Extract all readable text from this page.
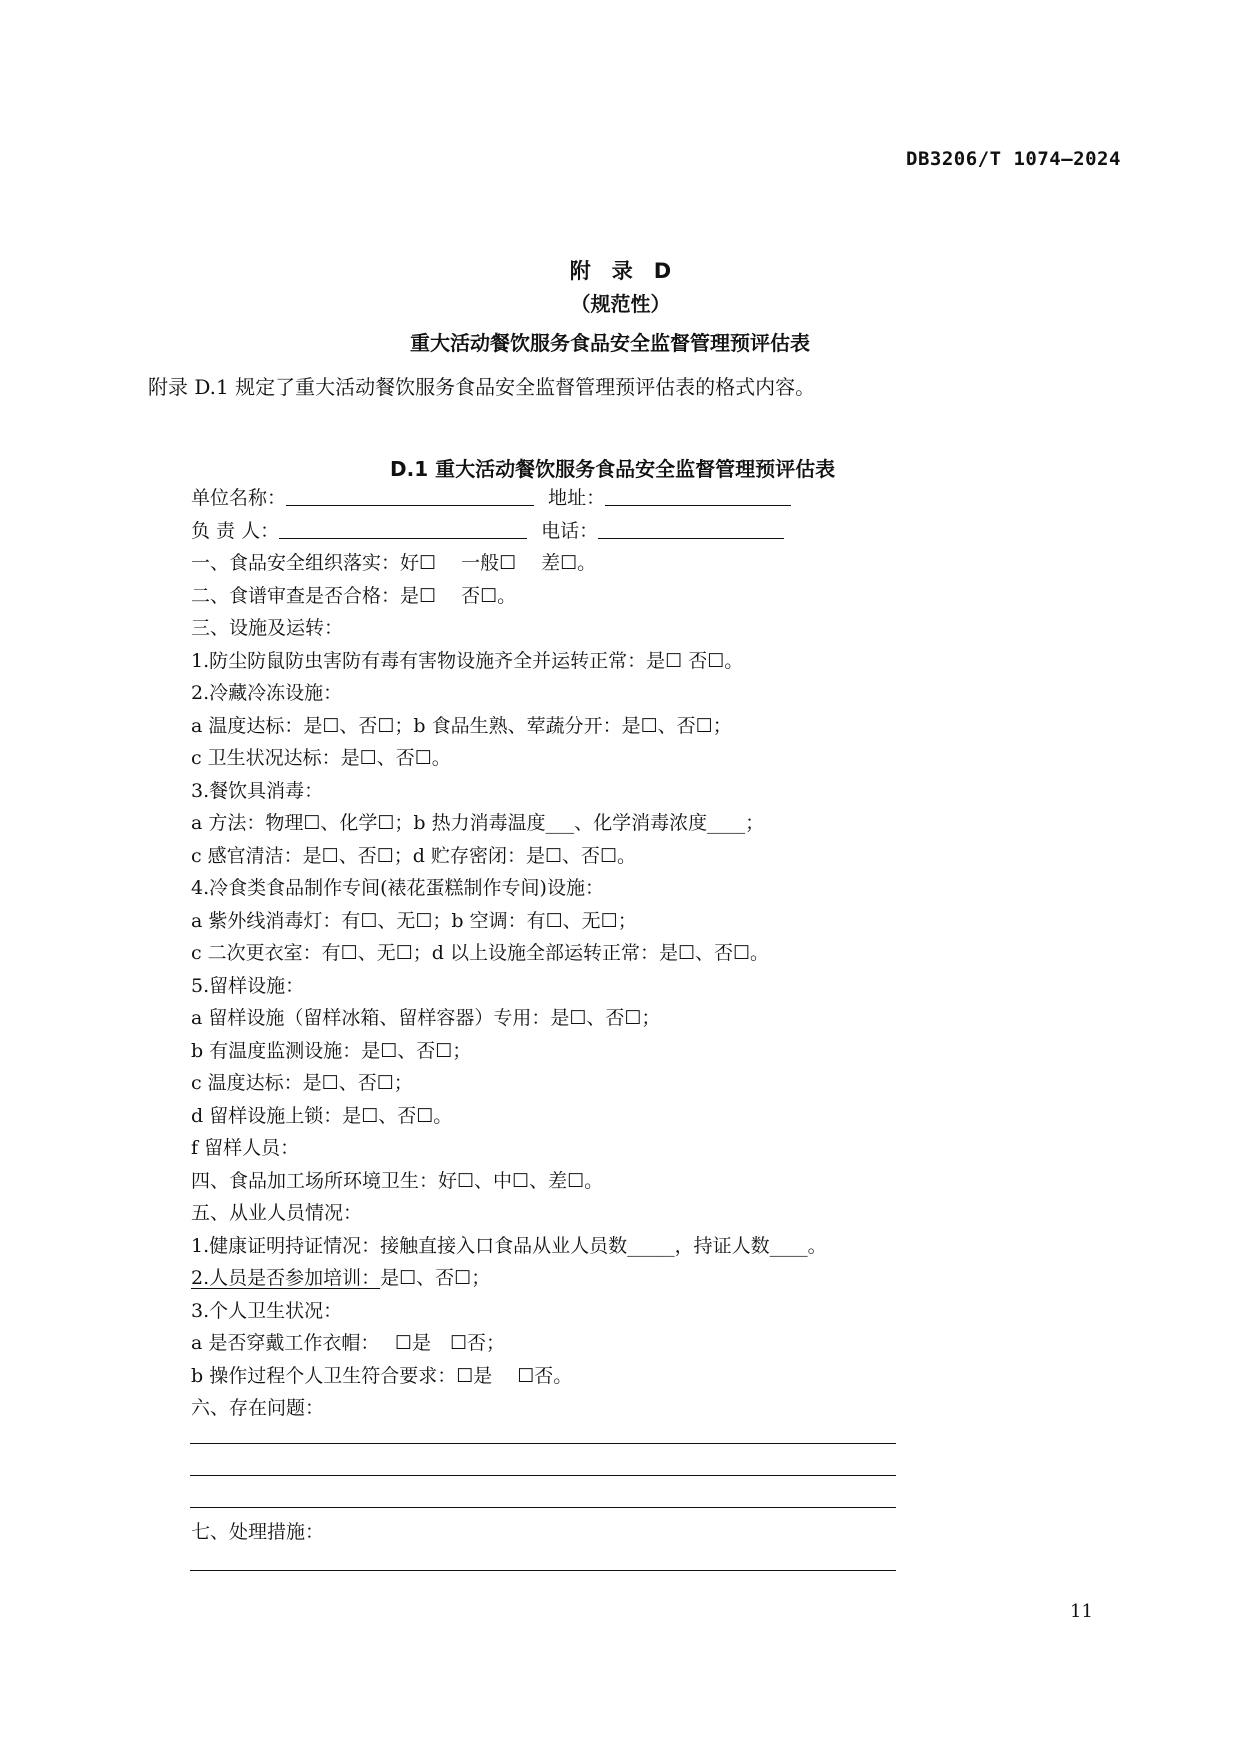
DB3206/T 1074—2024
附　录　D
（规范性）
重大活动餐饮服务食品安全监督管理预评估表
附录 D.1 规定了重大活动餐饮服务食品安全监督管理预评估表的格式内容。
D.1 重大活动餐饮服务食品安全监督管理预评估表
单位名称：	地址：
负 责 人：	电话：
一、食品安全组织落实：好☐　 一般☐　 差☐。
二、食谱审查是否合格：是☐　 否☐。
三、设施及运转：
1.防尘防鼠防虫害防有毒有害物设施齐全并运转正常：是☐ 否☐。
2.冷藏冷冻设施：
a 温度达标：是☐、否☐；b 食品生熟、荤蔬分开：是☐、否☐；
c 卫生状况达标：是☐、否☐。
3.餐饮具消毒：
a 方法：物理☐、化学☐；b 热力消毒温度___、化学消毒浓度____；
c 感官清洁：是☐、否☐；d 贮存密闭：是☐、否☐。
4.冷食类食品制作专间(裱花蛋糕制作专间)设施：
a 紫外线消毒灯：有☐、无☐；b 空调：有☐、无☐；
c 二次更衣室：有☐、无☐；d 以上设施全部运转正常：是☐、否☐。
5.留样设施：
a 留样设施（留样冰箱、留样容器）专用：是☐、否☐；
b 有温度监测设施：是☐、否☐；
c 温度达标：是☐、否☐；
d 留样设施上锁：是☐、否☐。
f 留样人员：
四、食品加工场所环境卫生：好☐、中☐、差☐。
五、从业人员情况：
1.健康证明持证情况：接触直接入口食品从业人员数_____，持证人数____。
2.人员是否参加培训：是☐、否☐；
3.个人卫生状况：
a 是否穿戴工作衣帽：　 ☐是　☐否；
b 操作过程个人卫生符合要求：☐是　 ☐否。
六、存在问题：
七、处理措施：
11
